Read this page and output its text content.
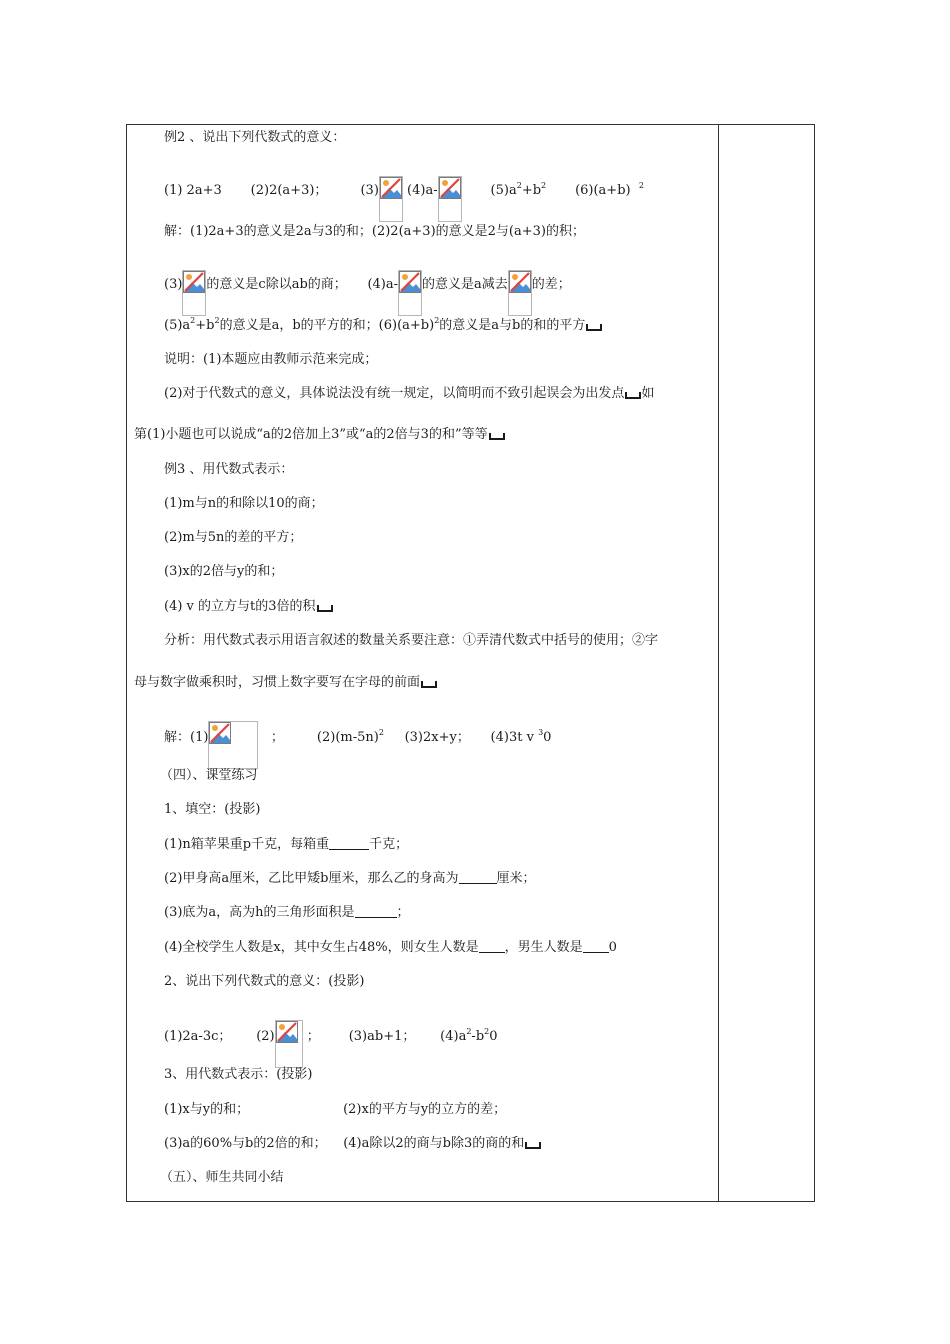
例2 、说出下列代数式的意义：
(1) 2a+3 (2)2(a+3)；	(3) (4)a-	$(5)a^2+b^2$ (6)(a+b) $^2$
解：(1)2a+3的意义是2a与3的和；(2)2(a+3)的意义是2与(a+3)的积；
(3) 的意义是c除以ab的商； (4)a- 的意义是a减去 的差；
$(5)a^2+b^2$的意义是a，b的平方的和；$(6)(a+b)^2$的意义是a与b的和的平方
说明：(1)本题应由教师示范来完成；
(2)对于代数式的意义，具体说法没有统一规定，以简明而不致引起误会为出发点 如
第(1)小题也可以说成“a的2倍加上3”或“a的2倍与3的和”等等
例3 、用代数式表示：
(1)m与n的和除以10的商；
(2)m与5n的差的平方；
(3)x的2倍与y的和；
(4) v 的立方与t的3倍的积
分析：用代数式表示用语言叙述的数量关系要注意：①弄清代数式中括号的使用；②字
母与数字做乘积时，习惯上数字要写在字母的前面
解：(1)	；	$(2)(m-5n)^2$ (3)2x+y； (4)3t v $^3$0
（四）、课堂练习
1、填空：(投影)
(1)n箱苹果重p千克，每箱重	千克；
(2)甲身高a厘米，乙比甲矮b厘米，那么乙的身高为	厘米；
(3)底为a，高为h的三角形面积是	；
(4)全校学生人数是x，其中女生占48%，则女生人数是 ，男生人数是 0
2、说出下列代数式的意义：(投影)
(1)2a-3c； (2) ； (3)ab+1； $(4)a^2-b^20$
3、用代数式表示：(投影)
(1)x与y的和；	(2)x的平方与y的立方的差；
(3)a的60%与b的2倍的和； (4)a除以2的商与b除3的商的和
（五）、师生共同小结
